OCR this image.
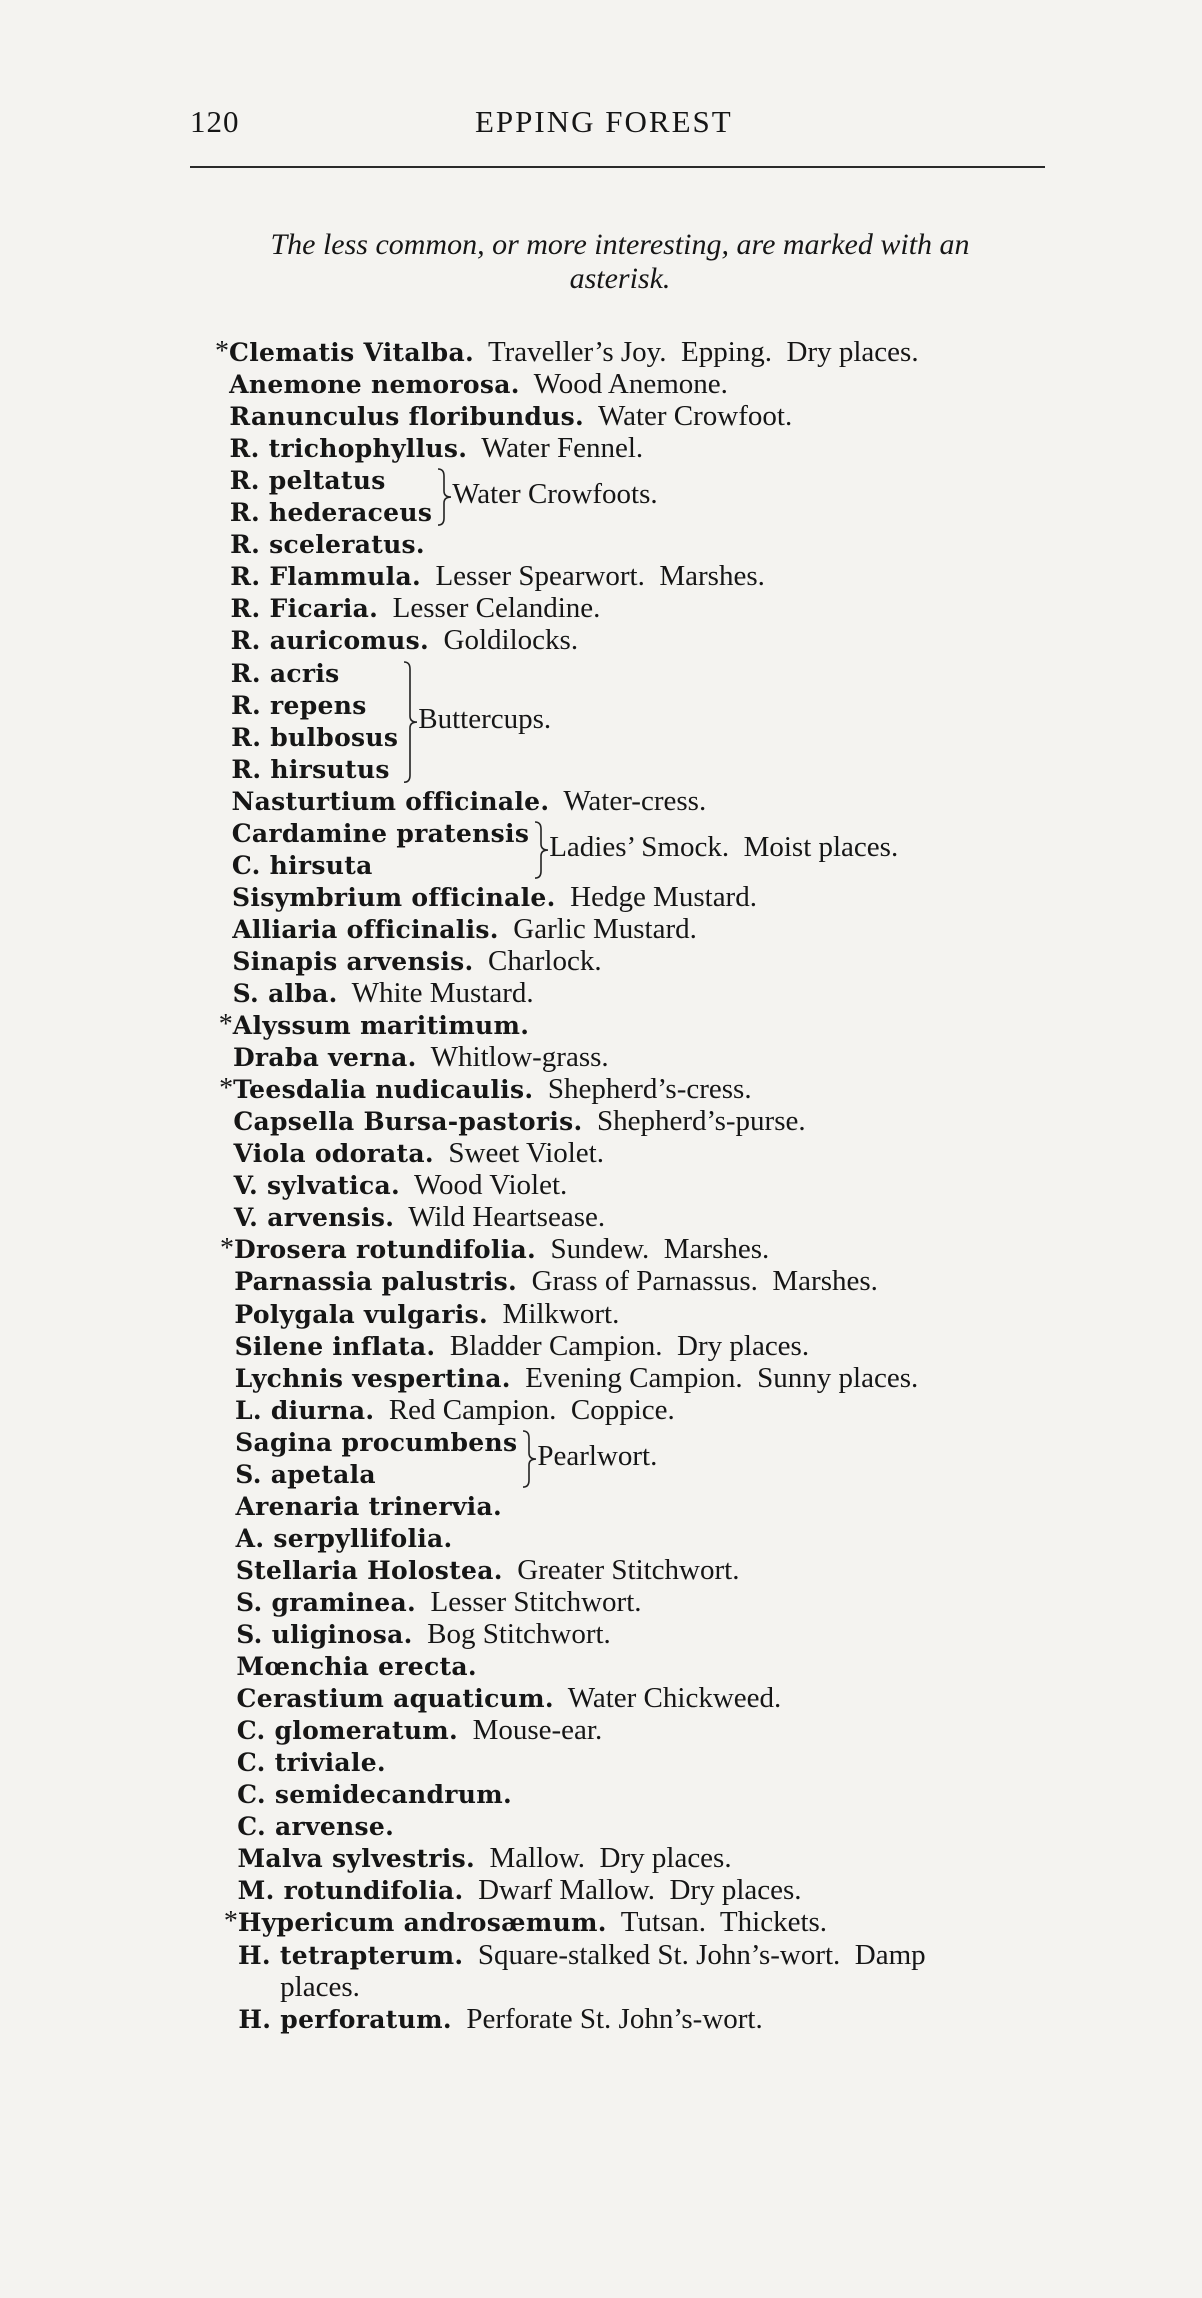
120	EPPING FOREST
The less common, or more interesting, are marked with an asterisk.
* Clematis Vitalba.  Traveller’s Joy.  Epping.  Dry places.
Anemone nemorosa.  Wood Anemone.
Ranunculus floribundus.  Water Crowfoot.
R. trichophyllus.  Water Fennel.
R. peltatus
R. hederaceus
R. sceleratus.
R. Flammula.  Lesser Spearwort.  Marshes.
R. Ficaria.  Lesser Celandine.
R. auricomus.  Goldilocks.
R. acris
R. repens
R. bulbosus
R. hirsutus
Nasturtium officinale.  Water-cress.
Cardamine pratensis
C. hirsuta
Sisymbrium officinale.  Hedge Mustard.
Alliaria officinalis.  Garlic Mustard.
Sinapis arvensis.  Charlock.
S. alba.  White Mustard.
* Alyssum maritimum.
Draba verna.  Whitlow-grass.
* Teesdalia nudicaulis.  Shepherd’s-cress.
Capsella Bursa-pastoris.  Shepherd’s-purse.
Viola odorata.  Sweet Violet.
V. sylvatica.  Wood Violet.
V. arvensis.  Wild Heartsease.
* Drosera rotundifolia.  Sundew.  Marshes.
Parnassia palustris.  Grass of Parnassus.  Marshes.
Polygala vulgaris.  Milkwort.
Silene inflata.  Bladder Campion.  Dry places.
Lychnis vespertina.  Evening Campion.  Sunny places.
L. diurna.  Red Campion.  Coppice.
Sagina procumbens
S. apetala
Arenaria trinervia.
A. serpyllifolia.
Stellaria Holostea.  Greater Stitchwort.
S. graminea.  Lesser Stitchwort.
S. uliginosa.  Bog Stitchwort.
Mœnchia erecta.
Cerastium aquaticum.  Water Chickweed.
C. glomeratum.  Mouse-ear.
C. triviale.
C. semidecandrum.
C. arvense.
Malva sylvestris.  Mallow.  Dry places.
M. rotundifolia.  Dwarf Mallow.  Dry places.
* Hypericum androsæmum.  Tutsan.  Thickets.
H. tetrapterum.  Square-stalked St. John’s-wort.  Damp
places.
H. perforatum.  Perforate St. John’s-wort.
Water Crowfoots.
Buttercups.
Ladies’ Smock.  Moist places.
Pearlwort.
